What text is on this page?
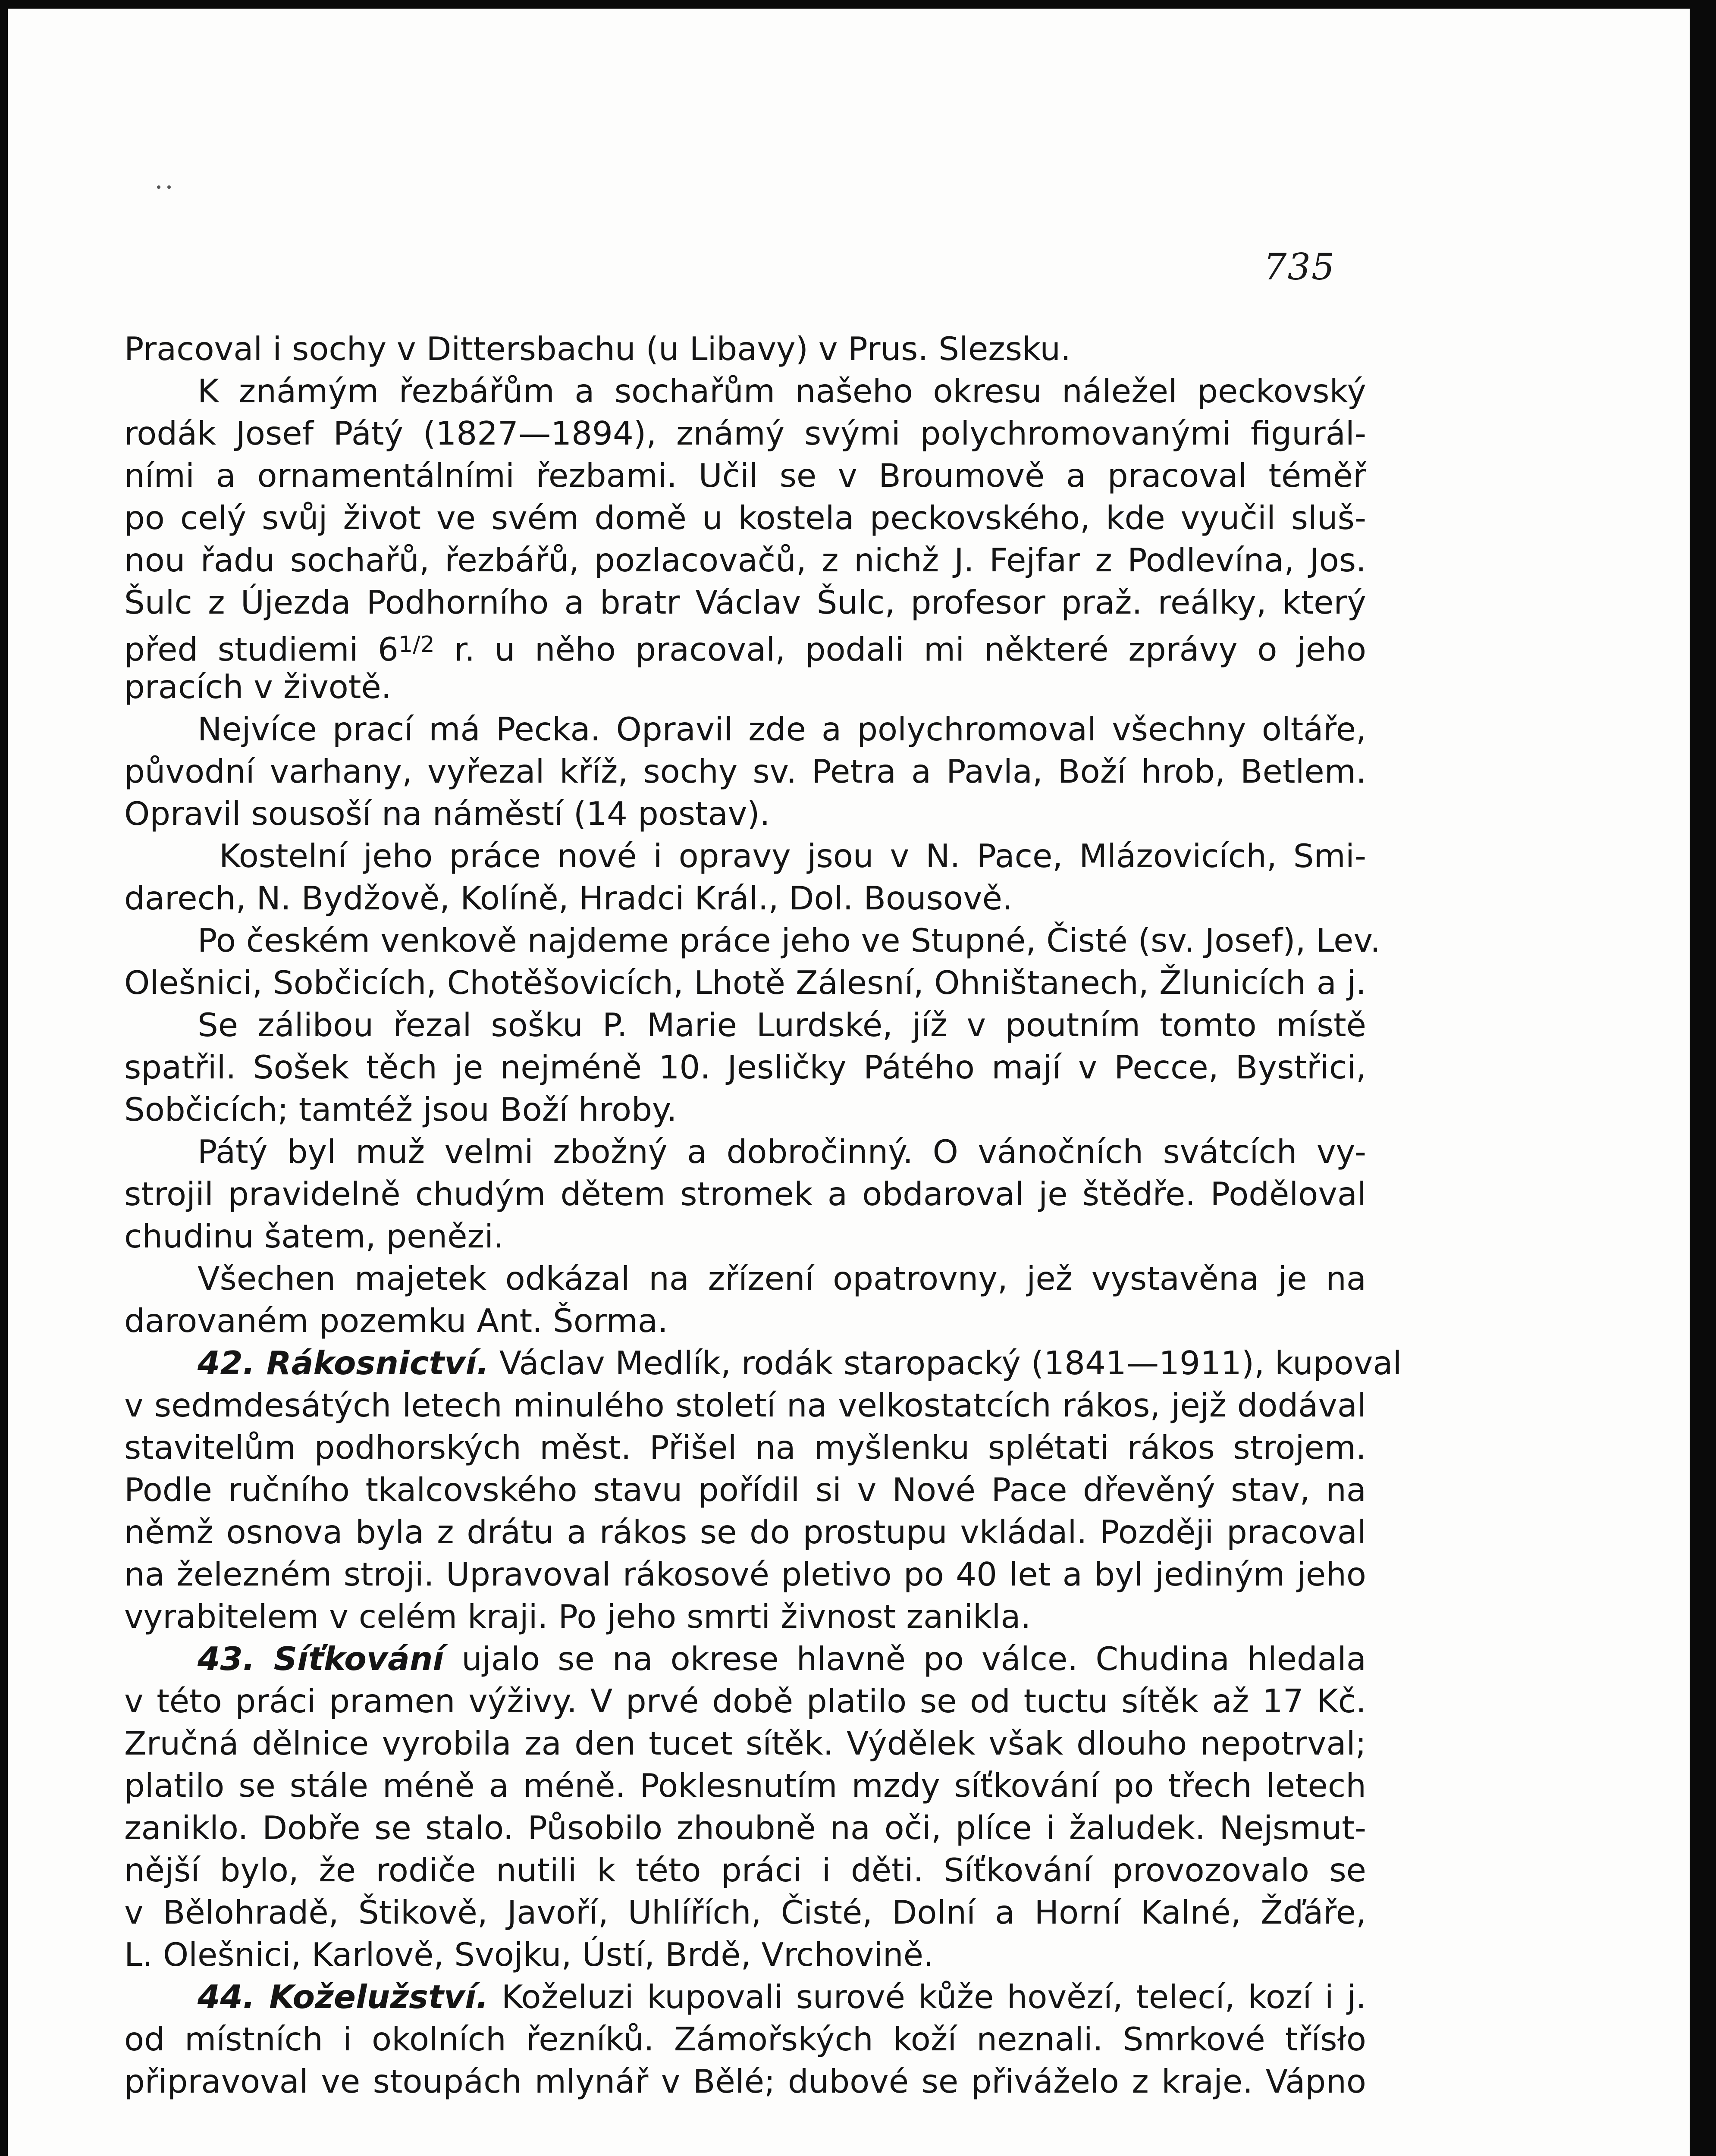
735
Pracoval i sochy v Dittersbachu (u Libavy) v Prus. Slezsku.
K známým řezbářům a sochařům našeho okresu náležel peckovský
rodák Josef Pátý (1827—1894), známý svými polychromovanými figurál-
ními a ornamentálními řezbami. Učil se v Broumově a pracoval téměř
po celý svůj život ve svém domě u kostela peckovského, kde vyučil sluš-
nou řadu sochařů, řezbářů, pozlacovačů, z nichž J. Fejfar z Podlevína, Jos.
Šulc z Újezda Podhorního a bratr Václav Šulc, profesor praž. reálky, který
před studiemi $6^{1/2}$ r. u něho pracoval, podali mi některé zprávy o jeho
pracích v životě.
Nejvíce prací má Pecka. Opravil zde a polychromoval všechny oltáře,
původní varhany, vyřezal kříž, sochy sv. Petra a Pavla, Boží hrob, Betlem.
Opravil sousoší na náměstí (14 postav).
Kostelní jeho práce nové i opravy jsou v N. Pace, Mlázovicích, Smi-
darech, N. Bydžově, Kolíně, Hradci Král., Dol. Bousově.
Po českém venkově najdeme práce jeho ve Stupné, Čisté (sv. Josef), Lev.
Olešnici, Sobčicích, Chotěšovicích, Lhotě Zálesní, Ohništanech, Žlunicích a j.
Se zálibou řezal sošku P. Marie Lurdské, jíž v poutním tomto místě
spatřil. Sošek těch je nejméně 10. Jesličky Pátého mají v Pecce, Bystřici,
Sobčicích; tamtéž jsou Boží hroby.
Pátý byl muž velmi zbožný a dobročinný. O vánočních svátcích vy-
strojil pravidelně chudým dětem stromek a obdaroval je štědře. Poděloval
chudinu šatem, penězi.
Všechen majetek odkázal na zřízení opatrovny, jež vystavěna je na
darovaném pozemku Ant. Šorma.
42. Rákosnictví. Václav Medlík, rodák staropacký (1841—1911), kupoval
v sedmdesátých letech minulého století na velkostatcích rákos, jejž dodával
stavitelům podhorských měst. Přišel na myšlenku splétati rákos strojem.
Podle ručního tkalcovského stavu pořídil si v Nové Pace dřevěný stav, na
němž osnova byla z drátu a rákos se do prostupu vkládal. Později pracoval
na železném stroji. Upravoval rákosové pletivo po 40 let a byl jediným jeho
vyrabitelem v celém kraji. Po jeho smrti živnost zanikla.
43. Síťkování ujalo se na okrese hlavně po válce. Chudina hledala
v této práci pramen výživy. V prvé době platilo se od tuctu sítěk až 17 Kč.
Zručná dělnice vyrobila za den tucet sítěk. Výdělek však dlouho nepotrval;
platilo se stále méně a méně. Poklesnutím mzdy síťkování po třech letech
zaniklo. Dobře se stalo. Působilo zhoubně na oči, plíce i žaludek. Nejsmut-
nější bylo, že rodiče nutili k této práci i děti. Síťkování provozovalo se
v Bělohradě, Štikově, Javoří, Uhlířích, Čisté, Dolní a Horní Kalné, Žďáře,
L. Olešnici, Karlově, Svojku, Ústí, Brdě, Vrchovině.
44. Koželužství. Koželuzi kupovali surové kůže hovězí, telecí, kozí i j.
od místních i okolních řezníků. Zámořských koží neznali. Smrkové třísło
připravoval ve stoupách mlynář v Bělé; dubové se přiváželo z kraje. Vápno
